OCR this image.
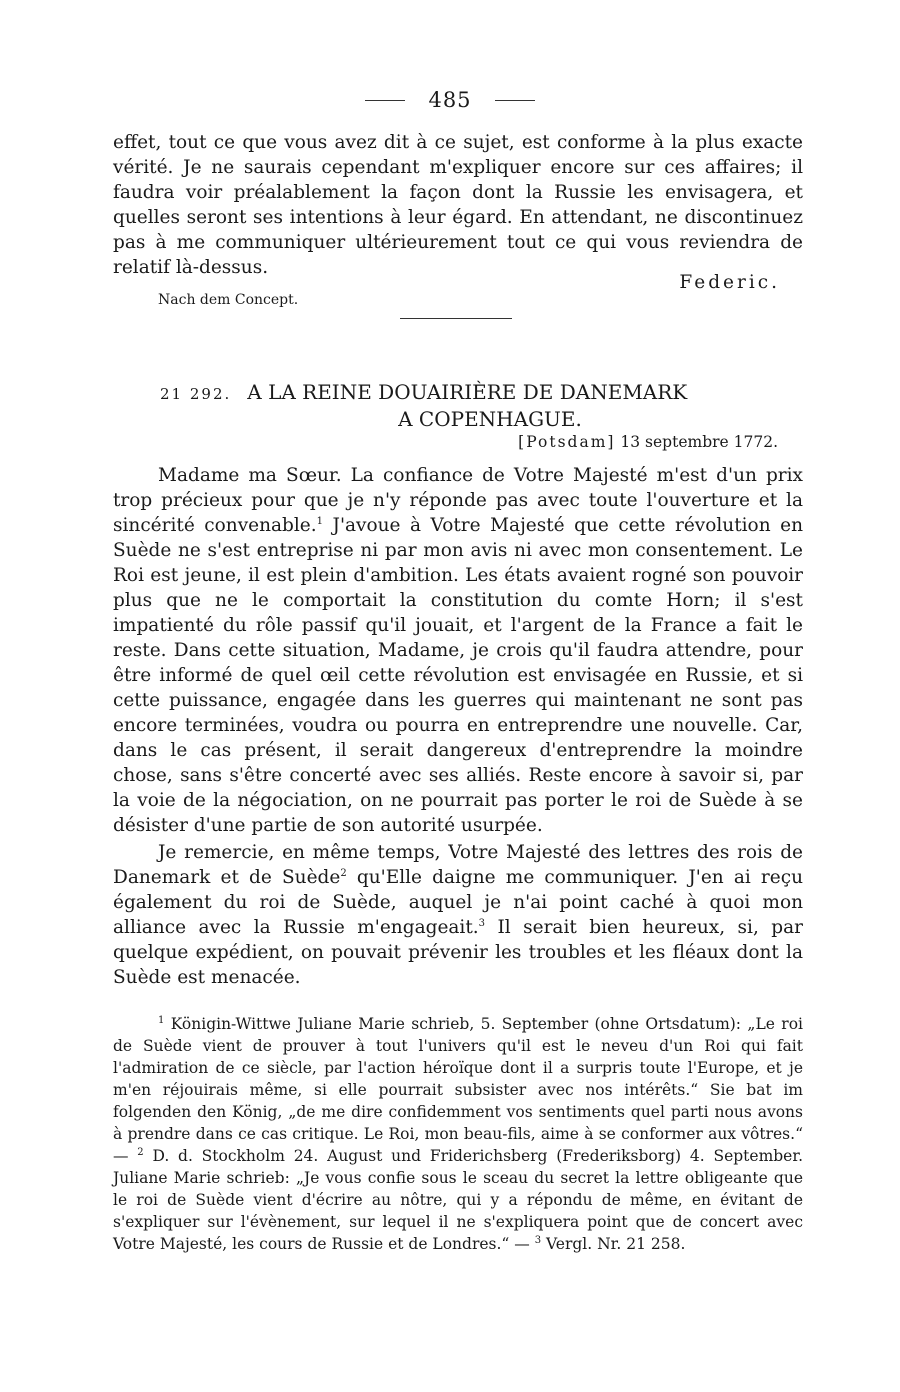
485

effet, tout ce que vous avez dit à ce sujet, est conforme à la plus exacte vérité. Je ne saurais cependant m'expliquer encore sur ces affaires; il faudra voir préalablement la façon dont la Russie les envisagera, et quelles seront ses intentions à leur égard. En attendant, ne discontinuez pas à me communiquer ultérieurement tout ce qui vous reviendra de relatif là-dessus.

Federic.
Nach dem Concept.
21 292. A LA REINE DOUAIRIÈRE DE DANEMARK
A COPENHAGUE.
[Potsdam] 13 septembre 1772.

Madame ma Sœur. La confiance de Votre Majesté m'est d'un prix trop précieux pour que je n'y réponde pas avec toute l'ouverture et la sincérité convenable.$^1$ J'avoue à Votre Majesté que cette révolution en Suède ne s'est entreprise ni par mon avis ni avec mon consentement. Le Roi est jeune, il est plein d'ambition. Les états avaient rogné son pouvoir plus que ne le comportait la constitution du comte Horn; il s'est impatienté du rôle passif qu'il jouait, et l'argent de la France a fait le reste. Dans cette situation, Madame, je crois qu'il faudra attendre, pour être informé de quel œil cette révolution est envisagée en Russie, et si cette puissance, engagée dans les guerres qui maintenant ne sont pas encore terminées, voudra ou pourra en entreprendre une nouvelle. Car, dans le cas présent, il serait dangereux d'entreprendre la moindre chose, sans s'être concerté avec ses alliés. Reste encore à savoir si, par la voie de la négociation, on ne pourrait pas porter le roi de Suède à se désister d'une partie de son autorité usurpée.

Je remercie, en même temps, Votre Majesté des lettres des rois de Danemark et de Suède$^2$ qu'Elle daigne me communiquer. J'en ai reçu également du roi de Suède, auquel je n'ai point caché à quoi mon alliance avec la Russie m'engageait.$^3$ Il serait bien heureux, si, par quelque expédient, on pouvait prévenir les troubles et les fléaux dont la Suède est menacée.

$^1$ Königin-Wittwe Juliane Marie schrieb, 5. September (ohne Ortsdatum): „Le roi de Suède vient de prouver à tout l'univers qu'il est le neveu d'un Roi qui fait l'admiration de ce siècle, par l'action héroïque dont il a surpris toute l'Europe, et je m'en réjouirais même, si elle pourrait subsister avec nos intérêts.“ Sie bat im folgenden den König, „de me dire confidemment vos sentiments quel parti nous avons à prendre dans ce cas critique. Le Roi, mon beau-fils, aime à se conformer aux vôtres.“ — $^2$ D. d. Stockholm 24. August und Friderichsberg (Frederiksborg) 4. September. Juliane Marie schrieb: „Je vous confie sous le sceau du secret la lettre obligeante que le roi de Suède vient d'écrire au nôtre, qui y a répondu de même, en évitant de s'expliquer sur l'évènement, sur lequel il ne s'expliquera point que de concert avec Votre Majesté, les cours de Russie et de Londres.“ — $^3$ Vergl. Nr. 21 258.
